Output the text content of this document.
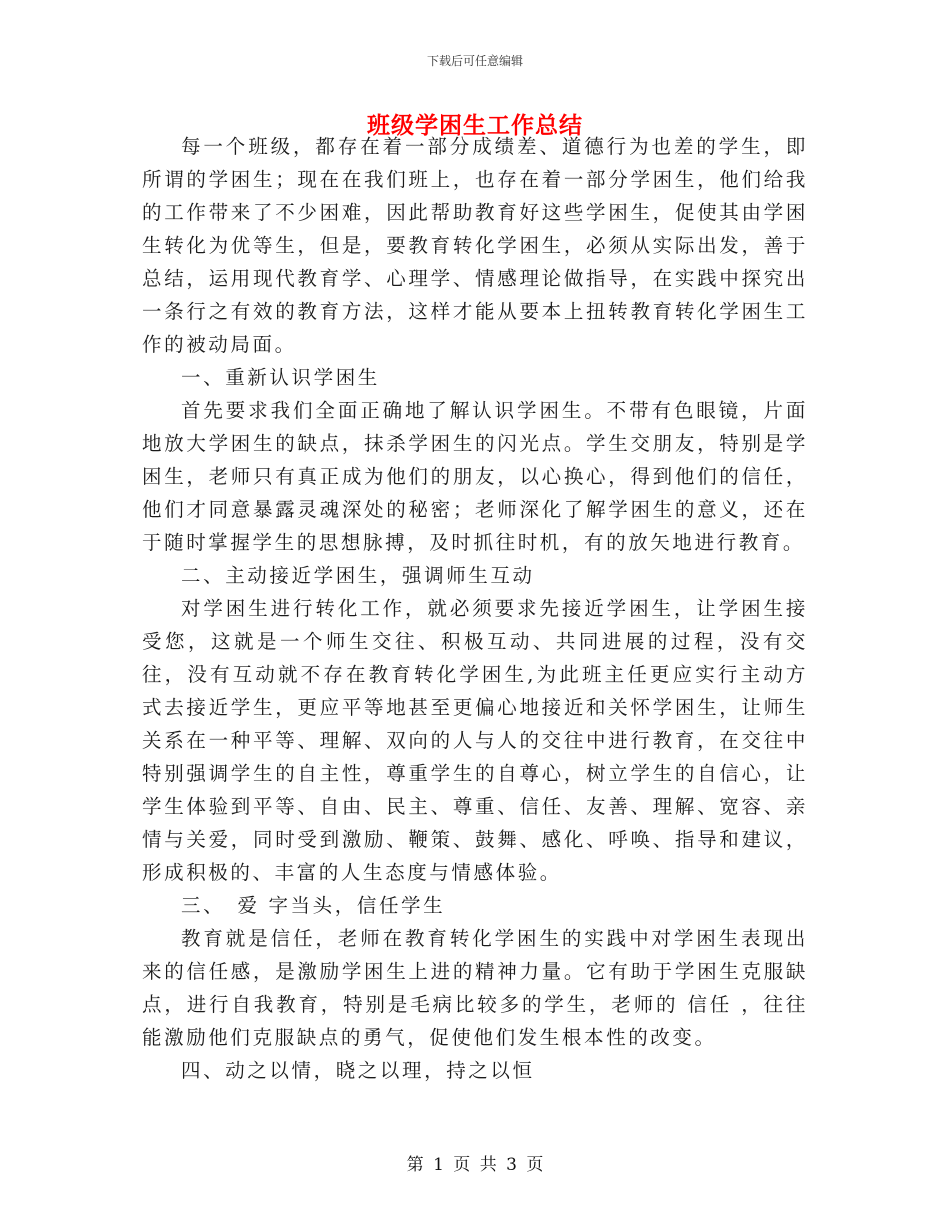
下载后可任意编辑
班级学困生工作总结

每一个班级，都存在着一部分成绩差、道德行为也差的学生，即所谓的学困生；现在在我们班上，也存在着一部分学困生，他们给我的工作带来了不少困难，因此帮助教育好这些学困生，促使其由学困生转化为优等生，但是，要教育转化学困生，必须从实际出发，善于总结，运用现代教育学、心理学、情感理论做指导，在实践中探究出一条行之有效的教育方法，这样才能从要本上扭转教育转化学困生工作的被动局面。

一、重新认识学困生

首先要求我们全面正确地了解认识学困生。不带有色眼镜，片面地放大学困生的缺点，抹杀学困生的闪光点。学生交朋友，特别是学困生，老师只有真正成为他们的朋友，以心换心，得到他们的信任，他们才同意暴露灵魂深处的秘密；老师深化了解学困生的意义，还在于随时掌握学生的思想脉搏，及时抓往时机，有的放矢地进行教育。

二、主动接近学困生，强调师生互动

对学困生进行转化工作，就必须要求先接近学困生，让学困生接受您，这就是一个师生交往、积极互动、共同进展的过程，没有交往，没有互动就不存在教育转化学困生,为此班主任更应实行主动方式去接近学生，更应平等地甚至更偏心地接近和关怀学困生，让师生关系在一种平等、理解、双向的人与人的交往中进行教育，在交往中特别强调学生的自主性，尊重学生的自尊心，树立学生的自信心，让学生体验到平等、自由、民主、尊重、信任、友善、理解、宽容、亲情与关爱，同时受到激励、鞭策、鼓舞、感化、呼唤、指导和建议，形成积极的、丰富的人生态度与情感体验。

三、　爱 字当头，信任学生

教育就是信任，老师在教育转化学困生的实践中对学困生表现出来的信任感，是激励学困生上进的精神力量。它有助于学困生克服缺点，进行自我教育，特别是毛病比较多的学生，老师的 信任 ，往往能激励他们克服缺点的勇气，促使他们发生根本性的改变。

四、动之以情，晓之以理，持之以恒

第 1 页 共 3 页
